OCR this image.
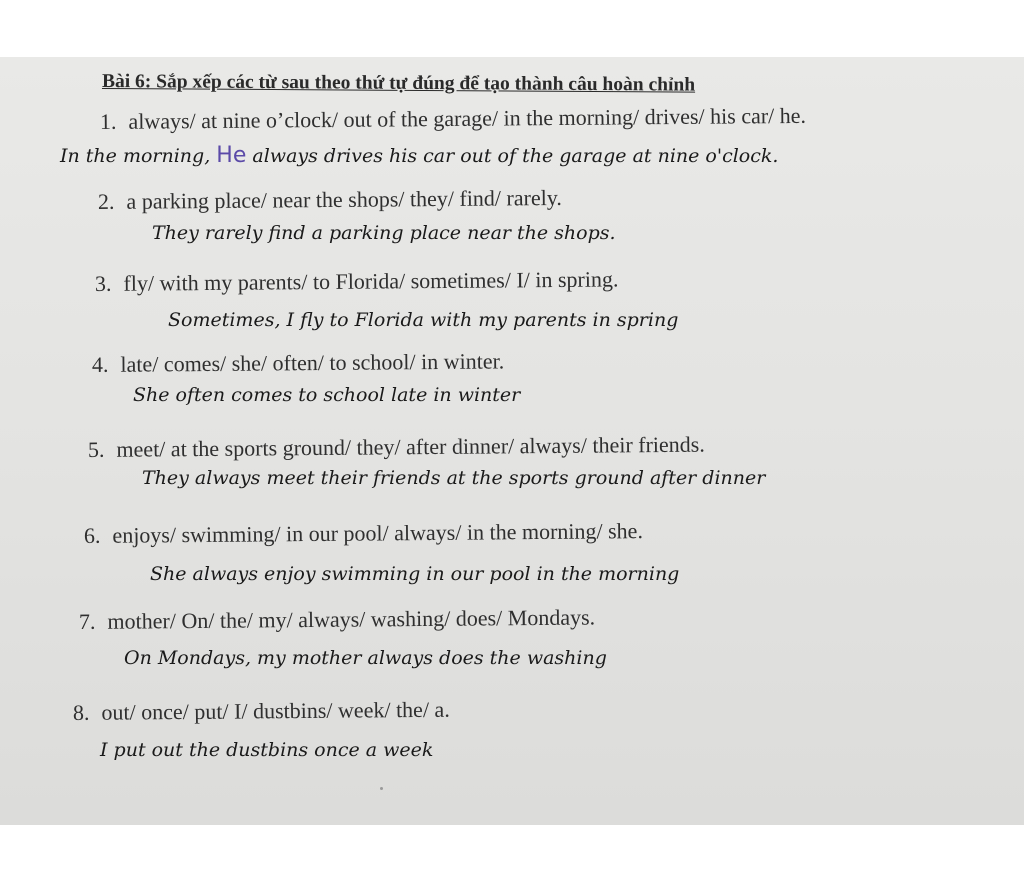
Bài 6: Sắp xếp các từ sau theo thứ tự đúng để tạo thành câu hoàn chỉnh
1. always/ at nine o’clock/ out of the garage/ in the morning/ drives/ his car/ he.
In the morning, He always drives his car out of the garage at nine o'clock.
2. a parking place/ near the shops/ they/ find/ rarely.
They rarely find a parking place near the shops.
3. fly/ with my parents/ to Florida/ sometimes/ I/ in spring.
Sometimes, I fly to Florida with my parents in spring
4. late/ comes/ she/ often/ to school/ in winter.
She often comes to school late in winter
5. meet/ at the sports ground/ they/ after dinner/ always/ their friends.
They always meet their friends at the sports ground after dinner
6. enjoys/ swimming/ in our pool/ always/ in the morning/ she.
She always enjoy swimming in our pool in the morning
7. mother/ On/ the/ my/ always/ washing/ does/ Mondays.
On Mondays, my mother always does the washing
8. out/ once/ put/ I/ dustbins/ week/ the/ a.
I put out the dustbins once a week
